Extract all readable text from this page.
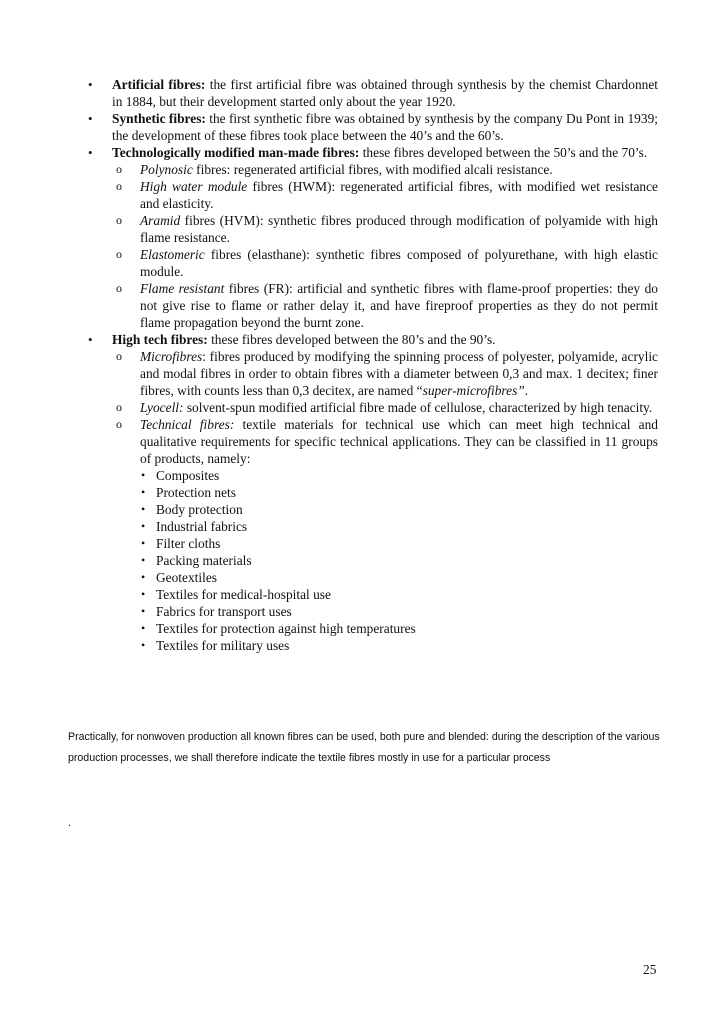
• Artificial fibres: the first artificial fibre was obtained through synthesis by the chemist Chardonnet in 1884, but their development started only about the year 1920.
• Synthetic fibres: the first synthetic fibre was obtained by synthesis by the company Du Pont in 1939; the development of these fibres took place between the 40’s and the 60’s.
• Technologically modified man-made fibres: these fibres developed between the 50’s and the 70’s.
o Polynosic fibres: regenerated artificial fibres, with modified alcali resistance.
o High water module fibres (HWM): regenerated artificial fibres, with modified wet resistance and elasticity.
o Aramid fibres (HVM): synthetic fibres produced through modification of polyamide with high flame resistance.
o Elastomeric fibres (elasthane): synthetic fibres composed of polyurethane, with high elastic module.
o Flame resistant fibres (FR): artificial and synthetic fibres with flame-proof properties: they do not give rise to flame or rather delay it, and have fireproof properties as they do not permit flame propagation beyond the burnt zone.
• High tech fibres: these fibres developed between the 80’s and the 90’s.
o Microfibres: fibres produced by modifying the spinning process of polyester, polyamide, acrylic and modal fibres in order to obtain fibres with a diameter between 0,3 and max. 1 decitex; finer fibres, with counts less than 0,3 decitex, are named “super-microfibres”.
o Lyocell: solvent-spun modified artificial fibre made of cellulose, characterized by high tenacity.
o Technical fibres: textile materials for technical use which can meet high technical and qualitative requirements for specific technical applications. They can be classified in 11 groups of products, namely:
• Composites
• Protection nets
• Body protection
• Industrial fabrics
• Filter cloths
• Packing materials
• Geotextiles
• Textiles for medical-hospital use
• Fabrics for transport uses
• Textiles for protection against high temperatures
• Textiles for military uses
Practically, for nonwoven production all known fibres can be used, both pure and blended: during the description of the various production processes, we shall therefore indicate the textile fibres mostly in use for a particular process
.
25
